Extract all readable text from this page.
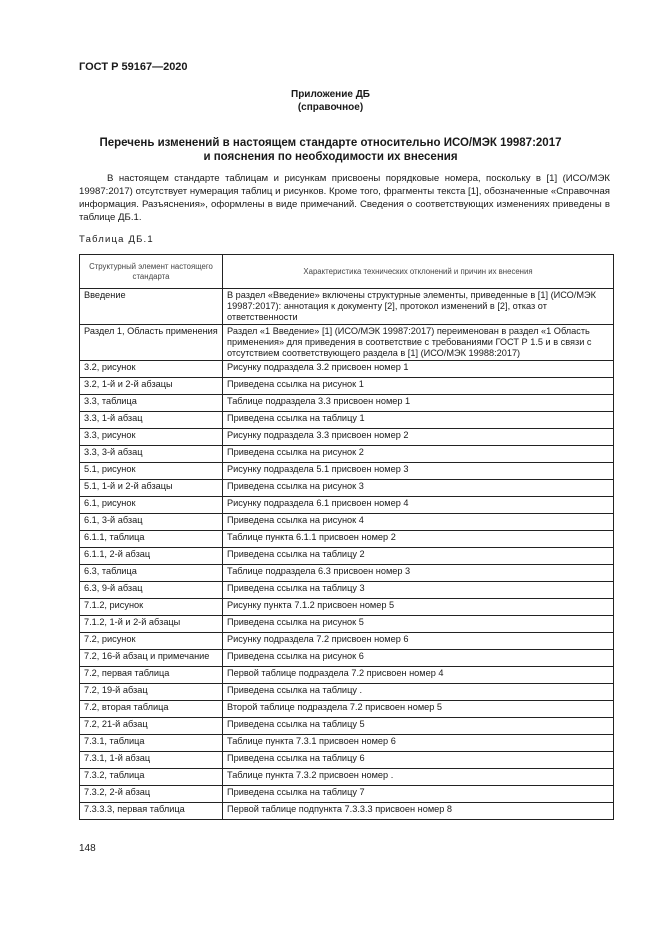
ГОСТ Р 59167—2020
Приложение ДБ
(справочное)
Перечень изменений в настоящем стандарте относительно ИСО/МЭК 19987:2017
и пояснения по необходимости их внесения

В настоящем стандарте таблицам и рисункам присвоены порядковые номера, поскольку в [1] (ИСО/МЭК 19987:2017) отсутствует нумерация таблиц и рисунков. Кроме того, фрагменты текста [1], обозначенные «Справочная информация. Разъяснения», оформлены в виде примечаний. Сведения о соответствующих изменениях приведены в таблице ДБ.1.

Таблица ДБ.1
Структурный элемент настоящего стандарта	Характеристика технических отклонений и причин их внесения
Введение	В раздел «Введение» включены структурные элементы, приведенные в [1] (ИСО/МЭК 19987:2017): аннотация к документу [2], протокол изменений в [2], отказ от ответственности
Раздел 1, Область применения	Раздел «1 Введение» [1] (ИСО/МЭК 19987:2017) переименован в раздел «1 Область применения» для приведения в соответствие с требованиями ГОСТ Р 1.5 и в связи с отсутствием соответствующего раздела в [1] (ИСО/МЭК 19988:2017)
3.2, рисунок	Рисунку подраздела 3.2 присвоен номер 1
3.2, 1-й и 2-й абзацы	Приведена ссылка на рисунок 1
3.3, таблица	Таблице подраздела 3.3 присвоен номер 1
3.3, 1-й абзац	Приведена ссылка на таблицу 1
3.3, рисунок	Рисунку подраздела 3.3 присвоен номер 2
3.3, 3-й абзац	Приведена ссылка на рисунок 2
5.1, рисунок	Рисунку подраздела 5.1 присвоен номер 3
5.1, 1-й и 2-й абзацы	Приведена ссылка на рисунок 3
6.1, рисунок	Рисунку подраздела 6.1 присвоен номер 4
6.1, 3-й абзац	Приведена ссылка на рисунок 4
6.1.1, таблица	Таблице пункта 6.1.1 присвоен номер 2
6.1.1, 2-й абзац	Приведена ссылка на таблицу 2
6.3, таблица	Таблице подраздела 6.3 присвоен номер 3
6.3, 9-й абзац	Приведена ссылка на таблицу 3
7.1.2, рисунок	Рисунку пункта 7.1.2 присвоен номер 5
7.1.2, 1-й и 2-й абзацы	Приведена ссылка на рисунок 5
7.2, рисунок	Рисунку подраздела 7.2 присвоен номер 6
7.2, 16-й абзац и примечание	Приведена ссылка на рисунок 6
7.2, первая таблица	Первой таблице подраздела 7.2 присвоен номер 4
7.2, 19-й абзац	Приведена ссылка на таблицу .
7.2, вторая таблица	Второй таблице подраздела 7.2 присвоен номер 5
7.2, 21-й абзац	Приведена ссылка на таблицу 5
7.3.1, таблица	Таблице пункта 7.3.1 присвоен номер 6
7.3.1, 1-й абзац	Приведена ссылка на таблицу 6
7.3.2, таблица	Таблице пункта 7.3.2 присвоен номер .
7.3.2, 2-й абзац	Приведена ссылка на таблицу 7
7.3.3.3, первая таблица	Первой таблице подпункта 7.3.3.3 присвоен номер 8
148
